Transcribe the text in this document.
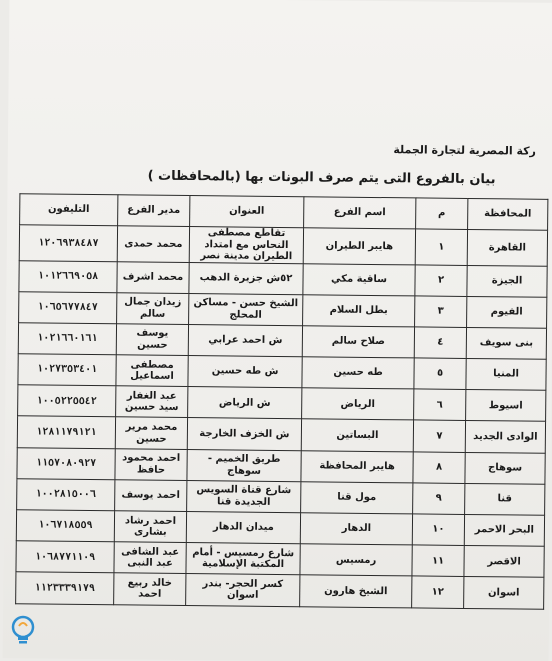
ركة المصرية لتجارة الجملة
بيان بالفروع التى يتم صرف البونات بها (بالمحافظات )
المحافظة	م	اسم الفرع	العنوان	مدير الفرع	التليفون
القاهرة	١	هايبر الطيران	تقاطع مصطفى النحاس مع امتداد الطيران مدينة نصر	محمد حمدى	١٢٠٦٩٣٨٤٨٧
الجيزة	٢	ساقية مكي	٥٢ش جزيرة الدهب	محمد اشرف	١٠١٢٦٦٩٠٥٨
الفيوم	٣	بطل السلام	الشيخ حسن - مساكن المحلج	زيدان جمال سالم	١٠٦٥٦٧٧٨٤٧
بنى سويف	٤	صلاح سالم	ش احمد عرابي	يوسف حسين	١٠٢١٦٦٠١٦١
المنيا	٥	طه حسين	ش طه حسين	مصطفى اسماعيل	١٠٢٧٣٥٣٤٠١
اسيوط	٦	الرياض	ش الرياض	عبد الغفار سيد حسين	١٠٠٥٢٢٥٥٤٢
الوادى الجديد	٧	البساتين	ش الخزف الخارجة	محمد مرير حسين	١٢٨١١٧٩١٢١
سوهاج	٨	هايبر المحافظة	طريق الخميم - سوهاج	احمد محمود حافظ	١١٥٧٠٨٠٩٢٧
قنا	٩	مول قنا	شارع قناة السويس الجديدة قنا	احمد يوسف	١٠٠٢٨١٥٠٠٦
البحر الاحمر	١٠	الدهار	ميدان الدهار	احمد رشاد بشارى	١٠٦٧١٨٥٥٩
الاقصر	١١	رمسيس	شارع رمسيس - أمام المكتبة الإسلامية	عبد الشافى عبد النبى	١٠٦٨٧٧١١٠٩
اسوان	١٢	الشيخ هارون	كسر الحجر- بندر اسوان	خالد ربيع احمد	١١٢٣٣٣٩١٧٩
